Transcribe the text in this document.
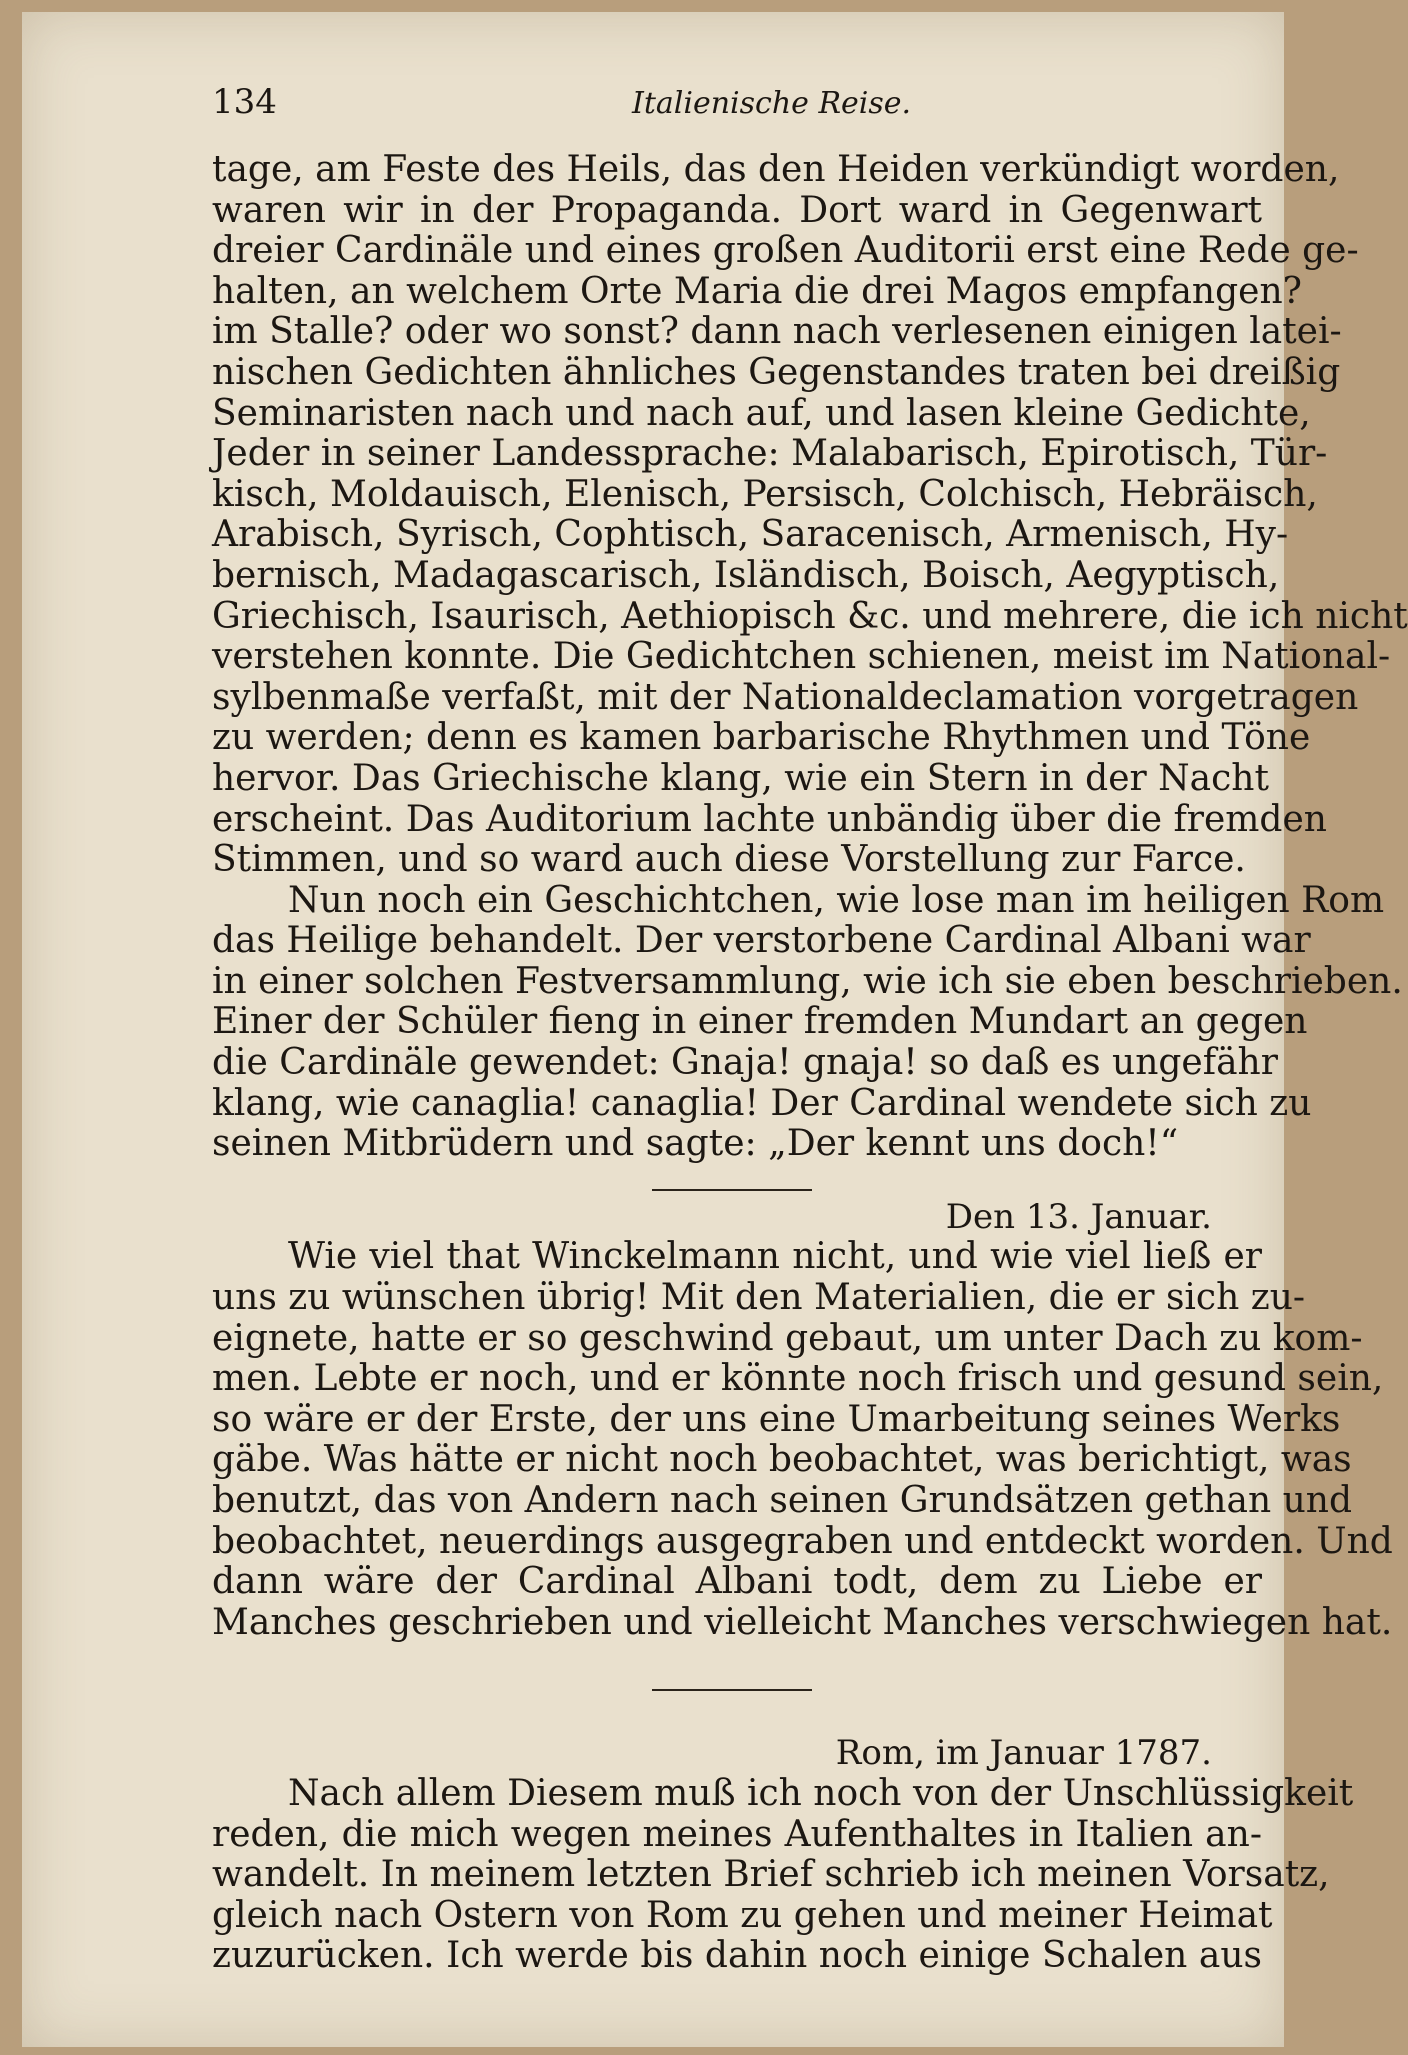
134	Italienische Reise.
tage, am Feste des Heils, das den Heiden verkündigt worden,
waren wir in der Propaganda. Dort ward in Gegenwart
dreier Cardinäle und eines großen Auditorii erst eine Rede ge-
halten, an welchem Orte Maria die drei Magos empfangen?
im Stalle? oder wo sonst? dann nach verlesenen einigen latei-
nischen Gedichten ähnliches Gegenstandes traten bei dreißig
Seminaristen nach und nach auf, und lasen kleine Gedichte,
Jeder in seiner Landessprache: Malabarisch, Epirotisch, Tür-
kisch, Moldauisch, Elenisch, Persisch, Colchisch, Hebräisch,
Arabisch, Syrisch, Cophtisch, Saracenisch, Armenisch, Hy-
bernisch, Madagascarisch, Isländisch, Boisch, Aegyptisch,
Griechisch, Isaurisch, Aethiopisch &c. und mehrere, die ich nicht
verstehen konnte. Die Gedichtchen schienen, meist im National-
sylbenmaße verfaßt, mit der Nationaldeclamation vorgetragen
zu werden; denn es kamen barbarische Rhythmen und Töne
hervor. Das Griechische klang, wie ein Stern in der Nacht
erscheint. Das Auditorium lachte unbändig über die fremden
Stimmen, und so ward auch diese Vorstellung zur Farce.
Nun noch ein Geschichtchen, wie lose man im heiligen Rom
das Heilige behandelt. Der verstorbene Cardinal Albani war
in einer solchen Festversammlung, wie ich sie eben beschrieben.
Einer der Schüler fieng in einer fremden Mundart an gegen
die Cardinäle gewendet: Gnaja! gnaja! so daß es ungefähr
klang, wie canaglia! canaglia! Der Cardinal wendete sich zu
seinen Mitbrüdern und sagte: „Der kennt uns doch!“
Den 13. Januar.
Wie viel that Winckelmann nicht, und wie viel ließ er
uns zu wünschen übrig! Mit den Materialien, die er sich zu-
eignete, hatte er so geschwind gebaut, um unter Dach zu kom-
men. Lebte er noch, und er könnte noch frisch und gesund sein,
so wäre er der Erste, der uns eine Umarbeitung seines Werks
gäbe. Was hätte er nicht noch beobachtet, was berichtigt, was
benutzt, das von Andern nach seinen Grundsätzen gethan und
beobachtet, neuerdings ausgegraben und entdeckt worden. Und
dann wäre der Cardinal Albani todt, dem zu Liebe er
Manches geschrieben und vielleicht Manches verschwiegen hat.
Rom, im Januar 1787.
Nach allem Diesem muß ich noch von der Unschlüssigkeit
reden, die mich wegen meines Aufenthaltes in Italien an-
wandelt. In meinem letzten Brief schrieb ich meinen Vorsatz,
gleich nach Ostern von Rom zu gehen und meiner Heimat
zuzurücken. Ich werde bis dahin noch einige Schalen aus
